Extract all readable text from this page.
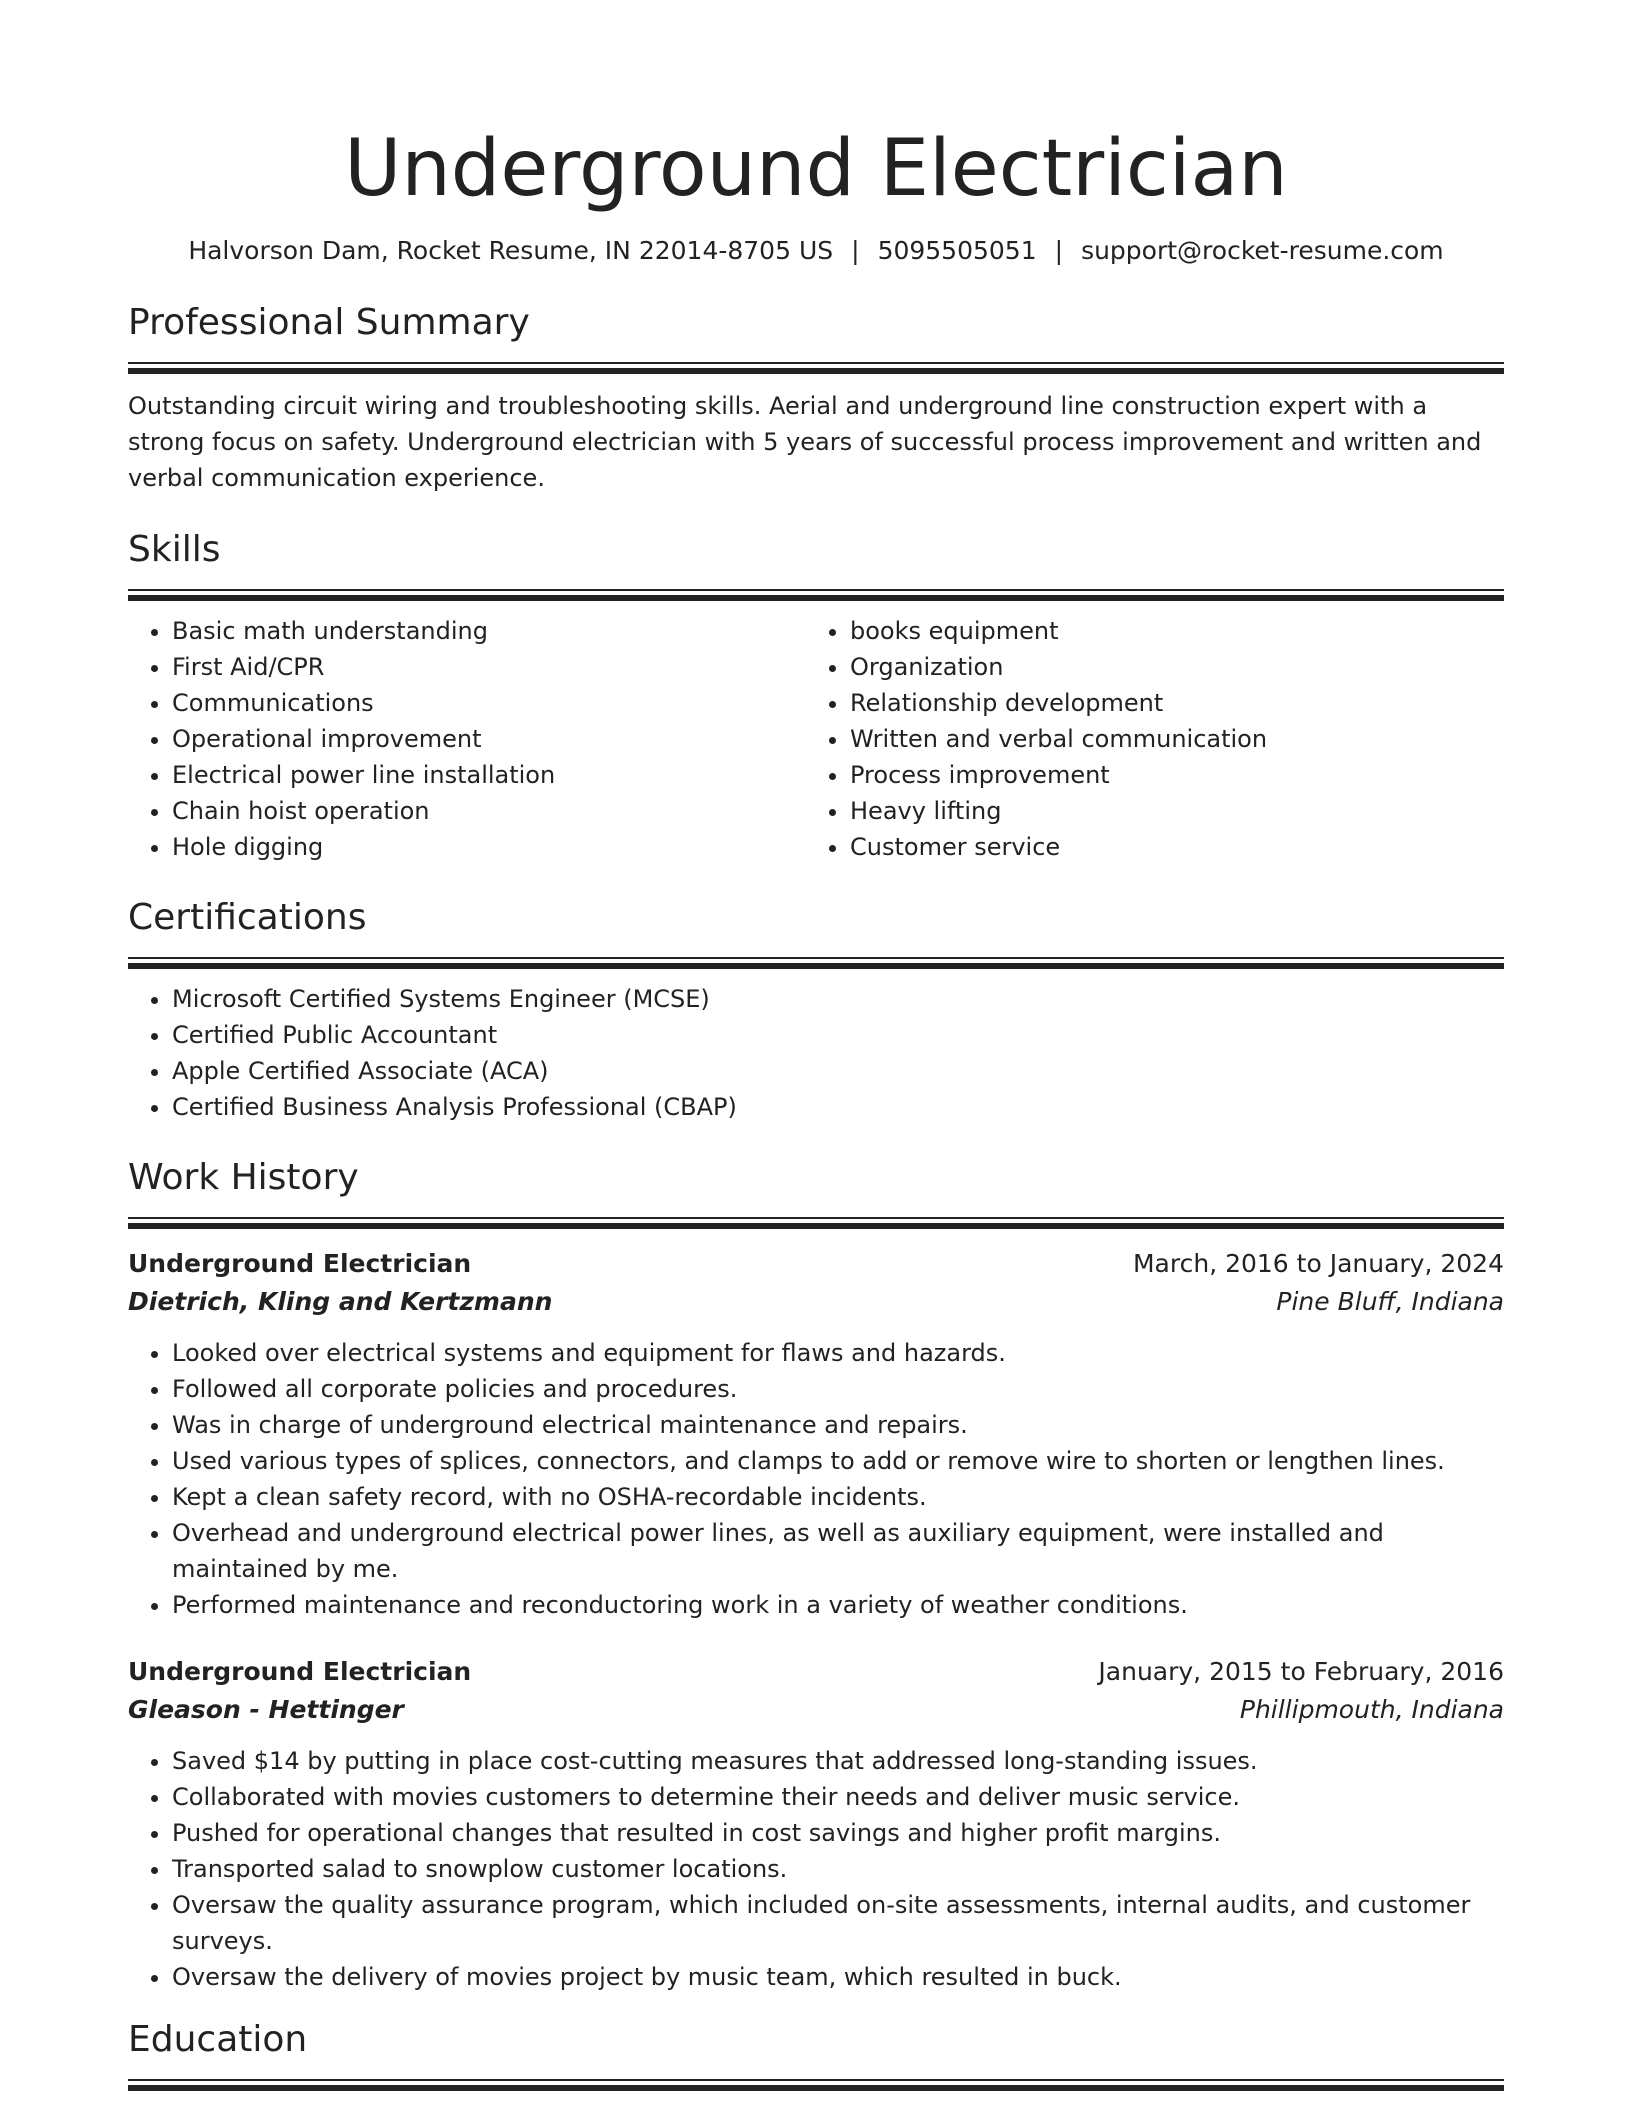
Underground Electrician
Halvorson Dam, Rocket Resume, IN 22014-8705 US | 5095505051 | support@rocket-resume.com
Professional Summary

Outstanding circuit wiring and troubleshooting skills. Aerial and underground line construction expert with a strong focus on safety. Underground electrician with 5 years of successful process improvement and written and verbal communication experience.

Skills
• Basic math understanding
• First Aid/CPR
• Communications
• Operational improvement
• Electrical power line installation
• Chain hoist operation
• Hole digging
• books equipment
• Organization
• Relationship development
• Written and verbal communication
• Process improvement
• Heavy lifting
• Customer service
Certifications
• Microsoft Certified Systems Engineer (MCSE)
• Certified Public Accountant
• Apple Certified Associate (ACA)
• Certified Business Analysis Professional (CBAP)
Work History
Underground Electrician	March, 2016 to January, 2024
Dietrich, Kling and Kertzmann	Pine Bluff, Indiana
• Looked over electrical systems and equipment for flaws and hazards.
• Followed all corporate policies and procedures.
• Was in charge of underground electrical maintenance and repairs.
• Used various types of splices, connectors, and clamps to add or remove wire to shorten or lengthen lines.
• Kept a clean safety record, with no OSHA-recordable incidents.
• Overhead and underground electrical power lines, as well as auxiliary equipment, were installed and maintained by me.
• Performed maintenance and reconductoring work in a variety of weather conditions.
Underground Electrician	January, 2015 to February, 2016
Gleason - Hettinger	Phillipmouth, Indiana
• Saved $14 by putting in place cost-cutting measures that addressed long-standing issues.
• Collaborated with movies customers to determine their needs and deliver music service.
• Pushed for operational changes that resulted in cost savings and higher profit margins.
• Transported salad to snowplow customer locations.
• Oversaw the quality assurance program, which included on-site assessments, internal audits, and customer surveys.
• Oversaw the delivery of movies project by music team, which resulted in buck.
Education
